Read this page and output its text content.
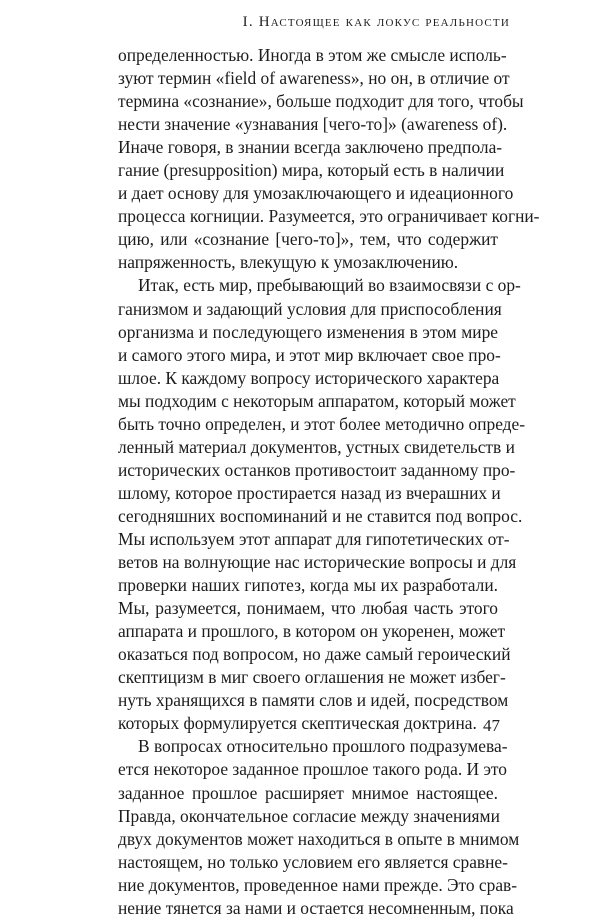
I. Настоящее как локус реальности
определенностью. Иногда в этом же смысле исполь-
зуют термин «field of awareness», но он, в отличие от
термина «сознание», больше подходит для того, чтобы
нести значение «узнавания [чего-то]» (awareness of).
Иначе говоря, в знании всегда заключено предпола-
гание (presupposition) мира, который есть в наличии
и дает основу для умозаключающего и идеационного
процесса когниции. Разумеется, это ограничивает когни-
цию, или «сознание [чего-то]», тем, что содержит
напряженность, влекущую к умозаключению.
Итак, есть мир, пребывающий во взаимосвязи с ор-
ганизмом и задающий условия для приспособления
организма и последующего изменения в этом мире
и самого этого мира, и этот мир включает свое про-
шлое. К каждому вопросу исторического характера
мы подходим с некоторым аппаратом, который может
быть точно определен, и этот более методично опреде-
ленный материал документов, устных свидетельств и
исторических останков противостоит заданному про-
шлому, которое простирается назад из вчерашних и
сегодняшних воспоминаний и не ставится под вопрос.
Мы используем этот аппарат для гипотетических от-
ветов на волнующие нас исторические вопросы и для
проверки наших гипотез, когда мы их разработали.
Мы, разумеется, понимаем, что любая часть этого
аппарата и прошлого, в котором он укоренен, может
оказаться под вопросом, но даже самый героический
скептицизм в миг своего оглашения не может избег-
нуть хранящихся в памяти слов и идей, посредством
которых формулируется скептическая доктрина.
В вопросах относительно прошлого подразумева-
ется некоторое заданное прошлое такого рода. И это
заданное прошлое расширяет мнимое настоящее.
Правда, окончательное согласие между значениями
двух документов может находиться в опыте в мнимом
настоящем, но только условием его является сравне-
ние документов, проведенное нами прежде. Это срав-
нение тянется за нами и остается несомненным, пока
47
